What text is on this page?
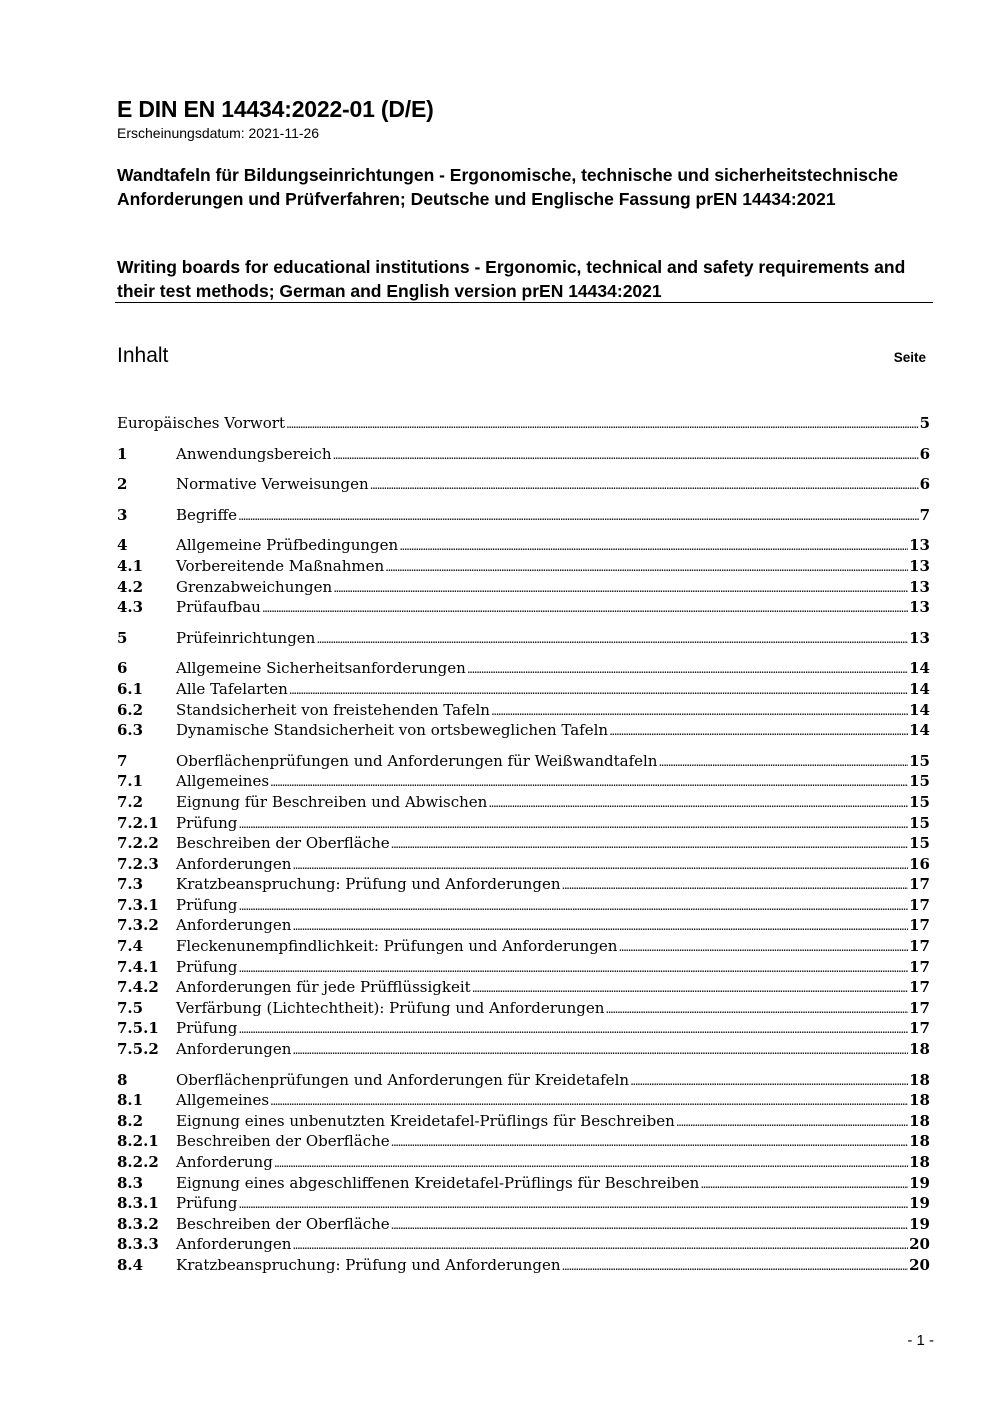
E DIN EN 14434:2022-01 (D/E)
Erscheinungsdatum: 2021-11-26
Wandtafeln für Bildungseinrichtungen - Ergonomische, technische und sicherheitstechnische Anforderungen und Prüfverfahren; Deutsche und Englische Fassung prEN 14434:2021
Writing boards for educational institutions - Ergonomic, technical and safety requirements and their test methods; German and English version prEN 14434:2021
Inhalt	Seite
Europäisches Vorwort .....	5
1	Anwendungsbereich .....	6
2	Normative Verweisungen .....	6
3	Begriffe .....	7
4	Allgemeine Prüfbedingungen .....	13
4.1	Vorbereitende Maßnahmen .....	13
4.2	Grenzabweichungen .....	13
4.3	Prüfaufbau .....	13
5	Prüfeinrichtungen .....	13
6	Allgemeine Sicherheitsanforderungen .....	14
6.1	Alle Tafelarten .....	14
6.2	Standsicherheit von freistehenden Tafeln .....	14
6.3	Dynamische Standsicherheit von ortsbeweglichen Tafeln .....	14
7	Oberflächenprüfungen und Anforderungen für Weißwandtafeln .....	15
7.1	Allgemeines .....	15
7.2	Eignung für Beschreiben und Abwischen .....	15
7.2.1	Prüfung .....	15
7.2.2	Beschreiben der Oberfläche .....	15
7.2.3	Anforderungen .....	16
7.3	Kratzbeanspruchung: Prüfung und Anforderungen .....	17
7.3.1	Prüfung .....	17
7.3.2	Anforderungen .....	17
7.4	Fleckenunempfindlichkeit: Prüfungen und Anforderungen .....	17
7.4.1	Prüfung .....	17
7.4.2	Anforderungen für jede Prüfflüssigkeit .....	17
7.5	Verfärbung (Lichtechtheit): Prüfung und Anforderungen .....	17
7.5.1	Prüfung .....	17
7.5.2	Anforderungen .....	18
8	Oberflächenprüfungen und Anforderungen für Kreidetafeln .....	18
8.1	Allgemeines .....	18
8.2	Eignung eines unbenutzten Kreidetafel-Prüflings für Beschreiben .....	18
8.2.1	Beschreiben der Oberfläche .....	18
8.2.2	Anforderung .....	18
8.3	Eignung eines abgeschliffenen Kreidetafel-Prüflings für Beschreiben .....	19
8.3.1	Prüfung .....	19
8.3.2	Beschreiben der Oberfläche .....	19
8.3.3	Anforderungen .....	20
8.4	Kratzbeanspruchung: Prüfung und Anforderungen .....	20
- 1 -
